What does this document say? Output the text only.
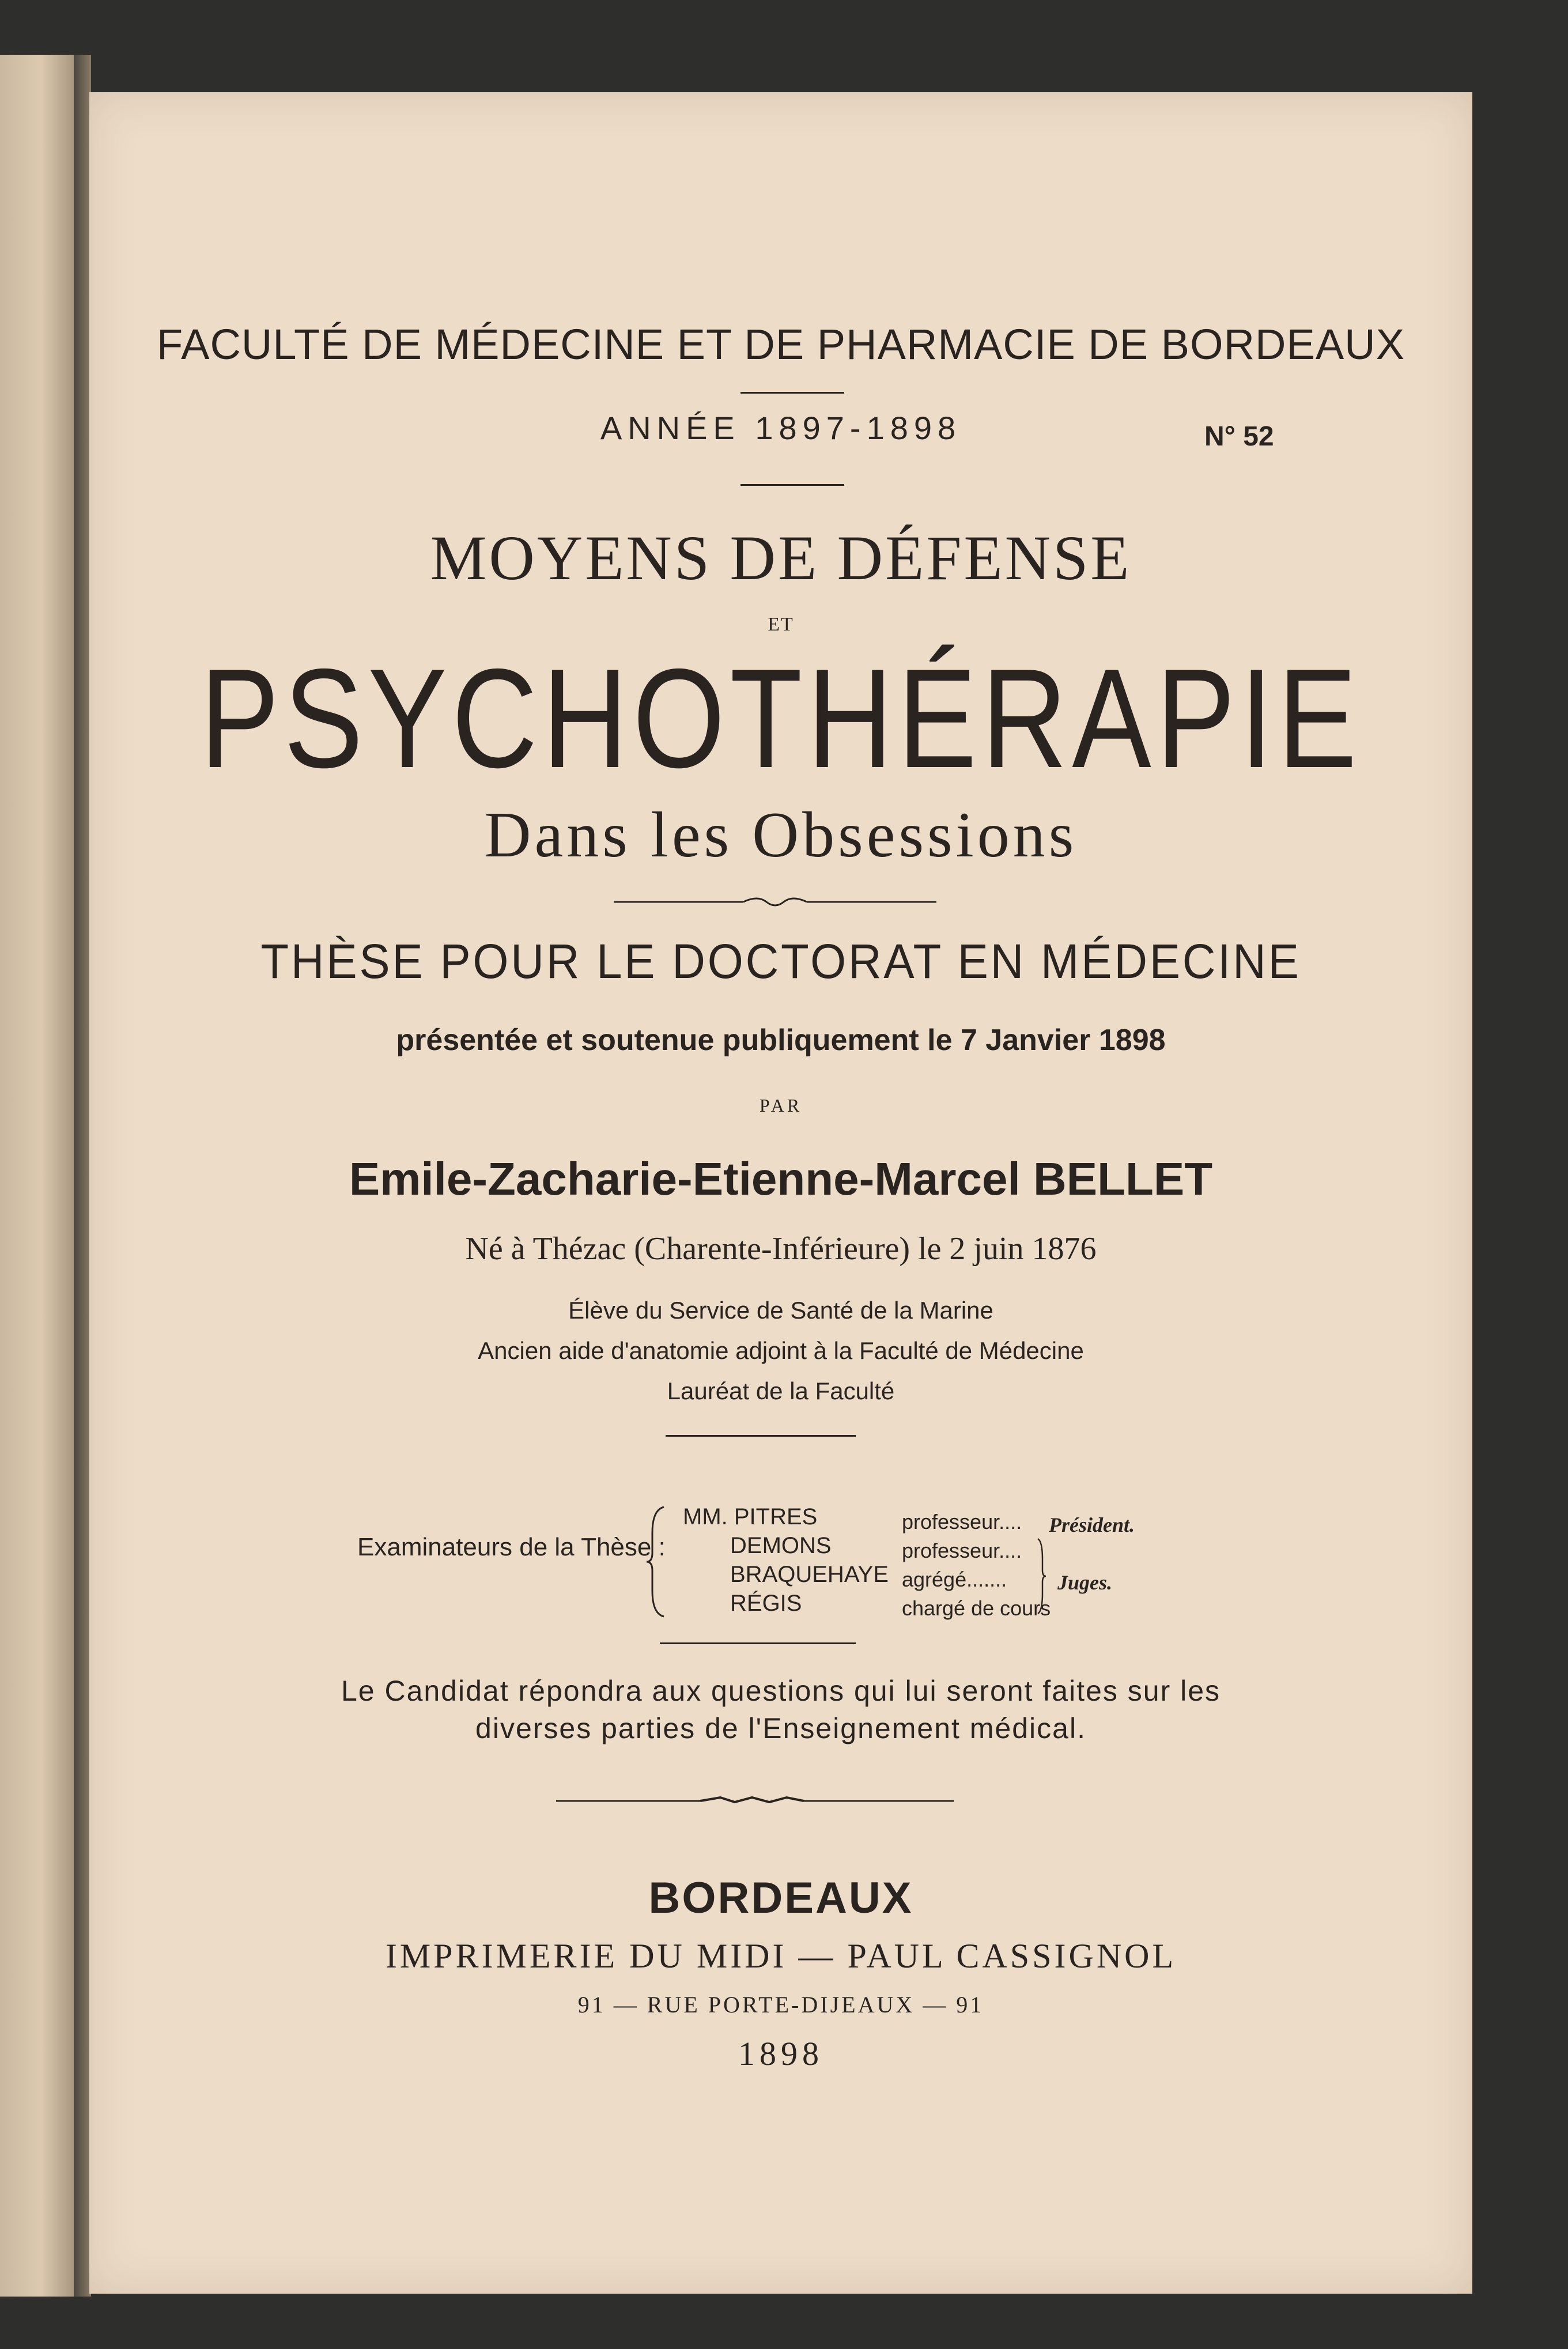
FACULTÉ DE MÉDECINE ET DE PHARMACIE DE BORDEAUX
ANNÉE 1897-1898	N° 52
MOYENS DE DÉFENSE
ET
PSYCHOTHÉRAPIE
Dans les Obsessions
THÈSE POUR LE DOCTORAT EN MÉDECINE
présentée et soutenue publiquement le 7 Janvier 1898
PAR
Emile-Zacharie-Etienne-Marcel BELLET
Né à Thézac (Charente-Inférieure) le 2 juin 1876
Élève du Service de Santé de la Marine
Ancien aide d'anatomie adjoint à la Faculté de Médecine
Lauréat de la Faculté
Examinateurs de la Thèse :
MM. PITRES
DEMONS
BRAQUEHAYE
RÉGIS
professeur....
professeur....
agrégé.......
chargé de cours
Président.
Juges.
Le Candidat répondra aux questions qui lui seront faites sur les
diverses parties de l'Enseignement médical.
BORDEAUX
IMPRIMERIE DU MIDI — PAUL CASSIGNOL
91 — RUE PORTE-DIJEAUX — 91
1898
